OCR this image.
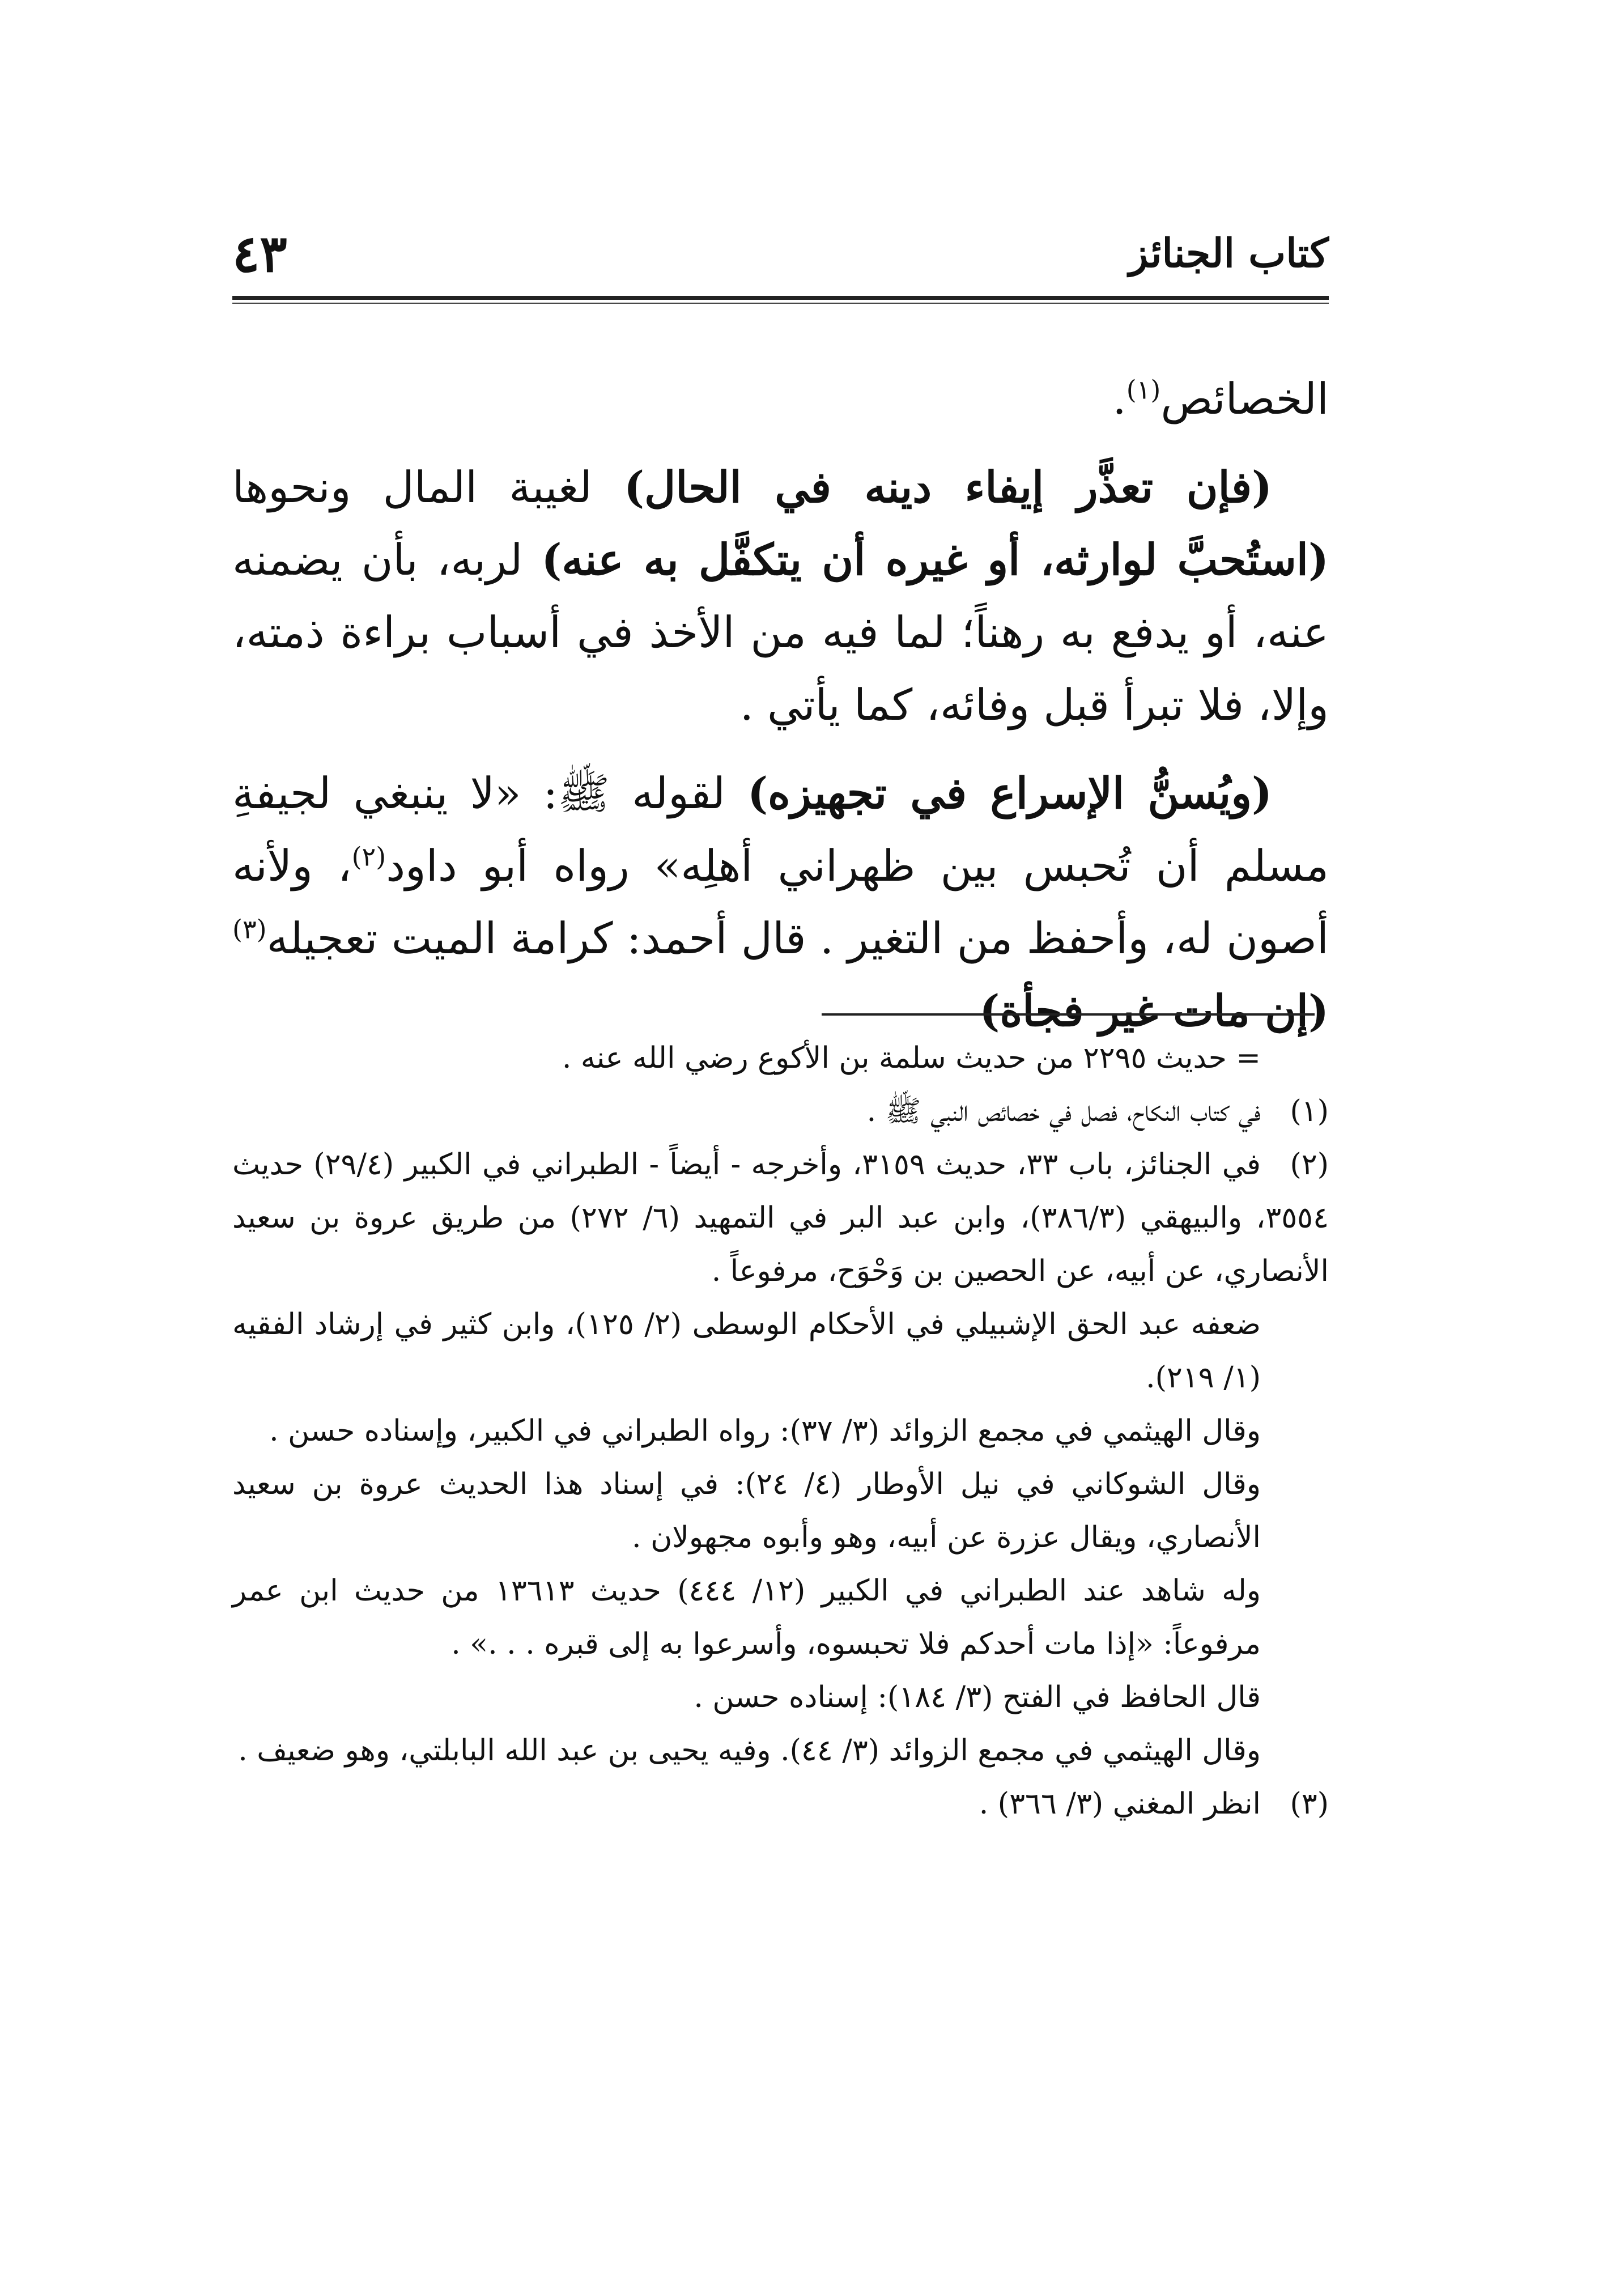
كتاب الجنائز
٤٣

الخصائص$^{(١)}$.

(فإن تعذَّر إيفاء دينه في الحال) لغيبة المال ونحوها (استُحبَّ لوارثه، أو غيره أن يتكفَّل به عنه) لربه، بأن يضمنه عنه، أو يدفع به رهناً؛ لما فيه من الأخذ في أسباب براءة ذمته، وإلا، فلا تبرأ قبل وفائه، كما يأتي .

(ويُسنُّ الإسراع في تجهيزه) لقوله ﷺ: «لا ينبغي لجيفةِ مسلم أن تُحبس بين ظهراني أهلِه» رواه أبو داود$^{(٢)}$، ولأنه أصون له، وأحفظ من التغير . قال أحمد: كرامة الميت تعجيله$^{(٣)}$ (إن مات غير فجأة)

= حديث ٢٢٩٥ من حديث سلمة بن الأكوع رضي الله عنه .

(١)في كتاب النكاح، فصل في خصائص النبي ﷺ .

(٢)في الجنائز، باب ٣٣، حديث ٣١٥٩، وأخرجه - أيضاً - الطبراني في الكبير (٢٩/٤) حديث ٣٥٥٤، والبيهقي (٣٨٦/٣)، وابن عبد البر في التمهيد (٦/ ٢٧٢) من طريق عروة بن سعيد الأنصاري، عن أبيه، عن الحصين بن وَحْوَح، مرفوعاً .

ضعفه عبد الحق الإشبيلي في الأحكام الوسطى (٢/ ١٢٥)، وابن كثير في إرشاد الفقيه (١/ ٢١٩).

وقال الهيثمي في مجمع الزوائد (٣/ ٣٧): رواه الطبراني في الكبير، وإسناده حسن .

وقال الشوكاني في نيل الأوطار (٤/ ٢٤): في إسناد هذا الحديث عروة بن سعيد الأنصاري، ويقال عزرة عن أبيه، وهو وأبوه مجهولان .

وله شاهد عند الطبراني في الكبير (١٢/ ٤٤٤) حديث ١٣٦١٣ من حديث ابن عمر مرفوعاً: «إذا مات أحدكم فلا تحبسوه، وأسرعوا به إلى قبره . . .» .

قال الحافظ في الفتح (٣/ ١٨٤): إسناده حسن .

وقال الهيثمي في مجمع الزوائد (٣/ ٤٤). وفيه يحيى بن عبد الله البابلتي، وهو ضعيف .

(٣)انظر المغني (٣/ ٣٦٦) .
